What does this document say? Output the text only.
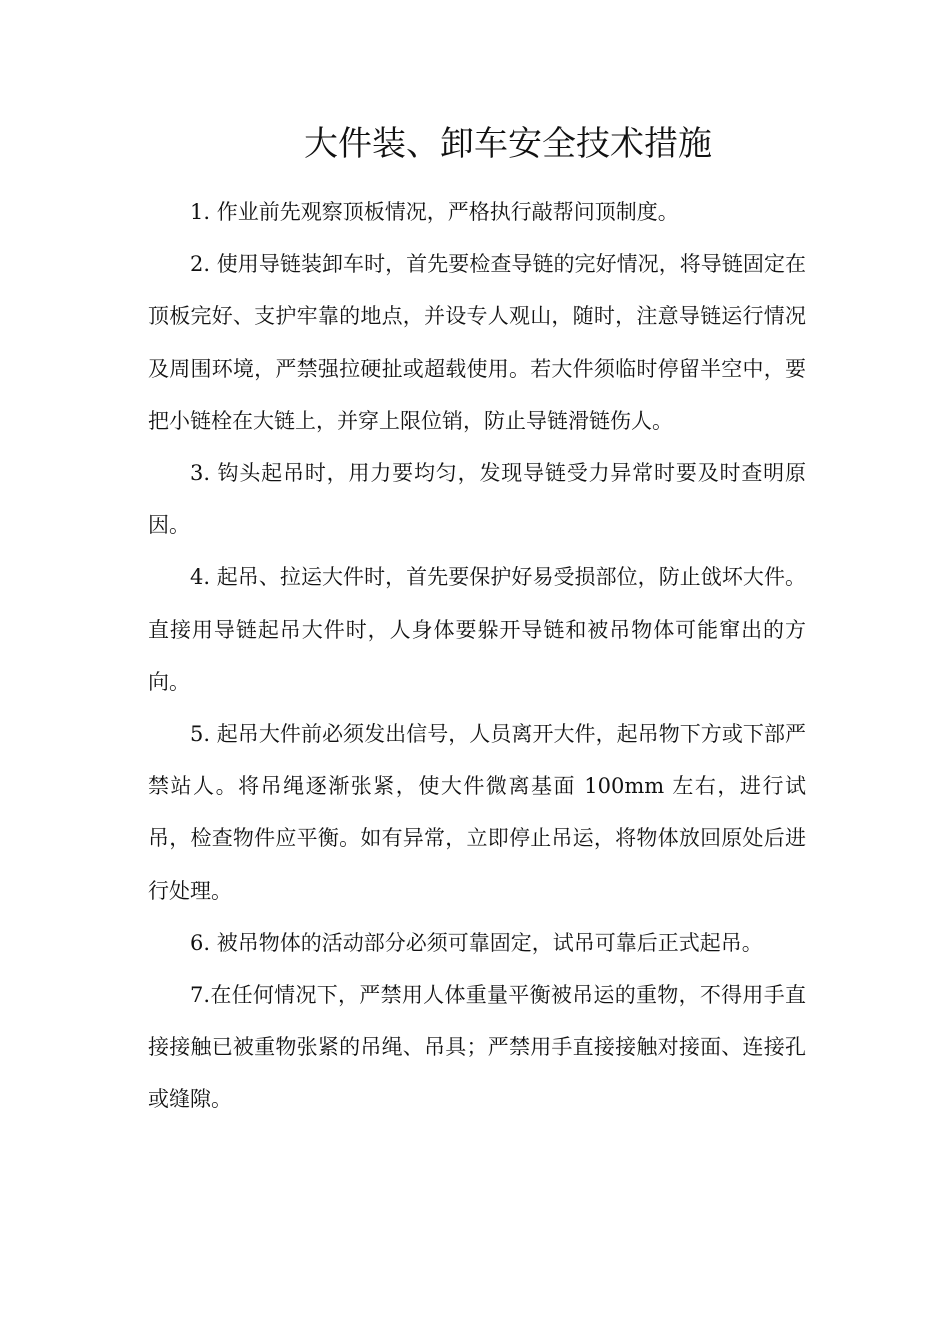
大件装、卸车安全技术措施

1. 作业前先观察顶板情况，严格执行敲帮问顶制度。

2. 使用导链装卸车时，首先要检查导链的完好情况，将导链固定在顶板完好、支护牢靠的地点，并设专人观山，随时，注意导链运行情况及周围环境，严禁强拉硬扯或超载使用。若大件须临时停留半空中，要把小链栓在大链上，并穿上限位销，防止导链滑链伤人。

3. 钩头起吊时，用力要均匀，发现导链受力异常时要及时查明原因。

4. 起吊、拉运大件时，首先要保护好易受损部位，防止戗坏大件。直接用导链起吊大件时，人身体要躲开导链和被吊物体可能窜出的方向。

5. 起吊大件前必须发出信号，人员离开大件，起吊物下方或下部严禁站人。将吊绳逐渐张紧，使大件微离基面 100mm 左右，进行试吊，检查物件应平衡。如有异常，立即停止吊运，将物体放回原处后进行处理。

6. 被吊物体的活动部分必须可靠固定，试吊可靠后正式起吊。

7.在任何情况下，严禁用人体重量平衡被吊运的重物，不得用手直接接触已被重物张紧的吊绳、吊具；严禁用手直接接触对接面、连接孔或缝隙。
